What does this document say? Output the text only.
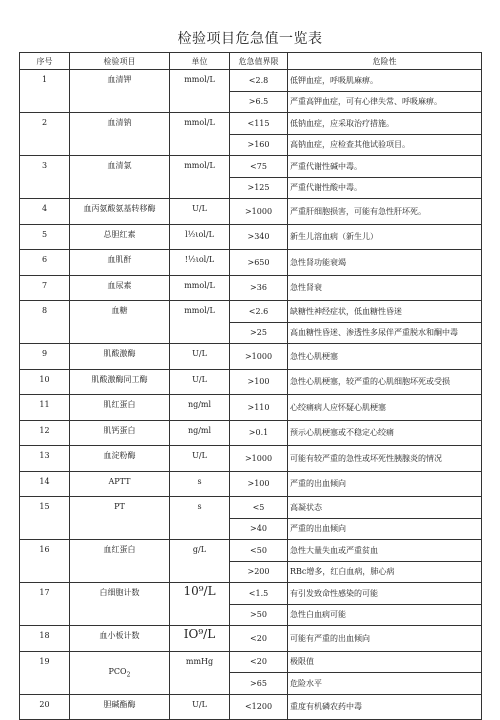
检验项目危急值一览表
序号	检验项目	单位	危急值界限	危险性
1	血清钾	mmol/L	<2.8	低钾血症，呼吸肌麻痹。
			>6.5	严重高钾血症，可有心律失常、呼吸麻痹。
2	血清钠	mmol/L	<115	低钠血症，应采取治疗措施。
			>160	高钠血症，应检查其他试验项目。
3	血清氯	mmol/L	<75	严重代谢性碱中毒。
			>125	严重代谢性酸中毒。
4	血丙氨酸氨基转移酶	U/L	>1000	严重肝细胞损害，可能有急性肝坏死。
5	总胆红素	l½ιol/L	>340	新生儿溶血病（新生儿）
6	血肌酐	!½ιol/L	>650	急性肾功能衰竭
7	血尿素	mmol/L	>36	急性肾衰
8	血糖	mmol/L	<2.6	缺糖性神经症状，低血糖性昏迷
			>25	高血糖性昏迷、渗透性多尿伴严重脱水和酮中毒
9	肌酸激酶	U/L	>1000	急性心肌梗塞
10	肌酸激酶同工酶	U/L	>100	急性心肌梗塞，较严重的心肌细胞坏死或受损
11	肌红蛋白	ng/ml	>110	心绞痛病人应怀疑心肌梗塞
12	肌钙蛋白	ng/ml	>0.1	预示心肌梗塞或不稳定心绞痛
13	血淀粉酶	U/L	>1000	可能有较严重的急性或坏死性胰腺炎的情况
14	APTT	s	>100	严重的出血倾向
15	PT	s	<5	高凝状态
			>40	严重的出血倾向
16	血红蛋白	g/L	<50	急性大量失血或严重贫血
			>200	RBc增多，红白血病，肺心病
17	白细胞计数	10⁹/L	<1.5	有引发致命性感染的可能
			>50	急性白血病可能
18	血小板计数	IO⁹/L	<20	可能有严重的出血倾向
19	$PCO_2$	mmHg	<20	极限值
			>65	危险水平
20	胆碱酯酶	U/L	<1200	重度有机磷农药中毒
